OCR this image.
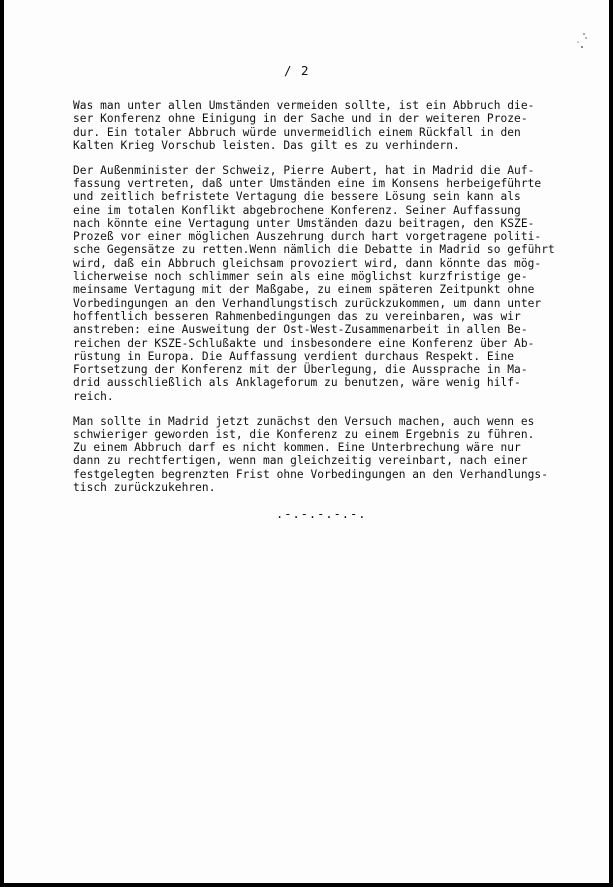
/ 2
Was man unter allen Umständen vermeiden sollte, ist ein Abbruch die-
ser Konferenz ohne Einigung in der Sache und in der weiteren Proze-
dur. Ein totaler Abbruch würde unvermeidlich einem Rückfall in den
Kalten Krieg Vorschub leisten. Das gilt es zu verhindern.
Der Außenminister der Schweiz, Pierre Aubert, hat in Madrid die Auf-
fassung vertreten, daß unter Umständen eine im Konsens herbeigeführte
und zeitlich befristete Vertagung die bessere Lösung sein kann als
eine im totalen Konflikt abgebrochene Konferenz. Seiner Auffassung
nach könnte eine Vertagung unter Umständen dazu beitragen, den KSZE-
Prozeß vor einer möglichen Auszehrung durch hart vorgetragene politi-
sche Gegensätze zu retten.Wenn nämlich die Debatte in Madrid so geführt
wird, daß ein Abbruch gleichsam provoziert wird, dann könnte das mög-
licherweise noch schlimmer sein als eine möglichst kurzfristige ge-
meinsame Vertagung mit der Maßgabe, zu einem späteren Zeitpunkt ohne
Vorbedingungen an den Verhandlungstisch zurückzukommen, um dann unter
hoffentlich besseren Rahmenbedingungen das zu vereinbaren, was wir
anstreben: eine Ausweitung der Ost-West-Zusammenarbeit in allen Be-
reichen der KSZE-Schlußakte und insbesondere eine Konferenz über Ab-
rüstung in Europa. Die Auffassung verdient durchaus Respekt. Eine
Fortsetzung der Konferenz mit der Überlegung, die Aussprache in Ma-
drid ausschließlich als Anklageforum zu benutzen, wäre wenig hilf-
reich.
Man sollte in Madrid jetzt zunächst den Versuch machen, auch wenn es
schwieriger geworden ist, die Konferenz zu einem Ergebnis zu führen.
Zu einem Abbruch darf es nicht kommen. Eine Unterbrechung wäre nur
dann zu rechtfertigen, wenn man gleichzeitig vereinbart, nach einer
festgelegten begrenzten Frist ohne Vorbedingungen an den Verhandlungs-
tisch zurückzukehren.
.-.-.-.-.-.
